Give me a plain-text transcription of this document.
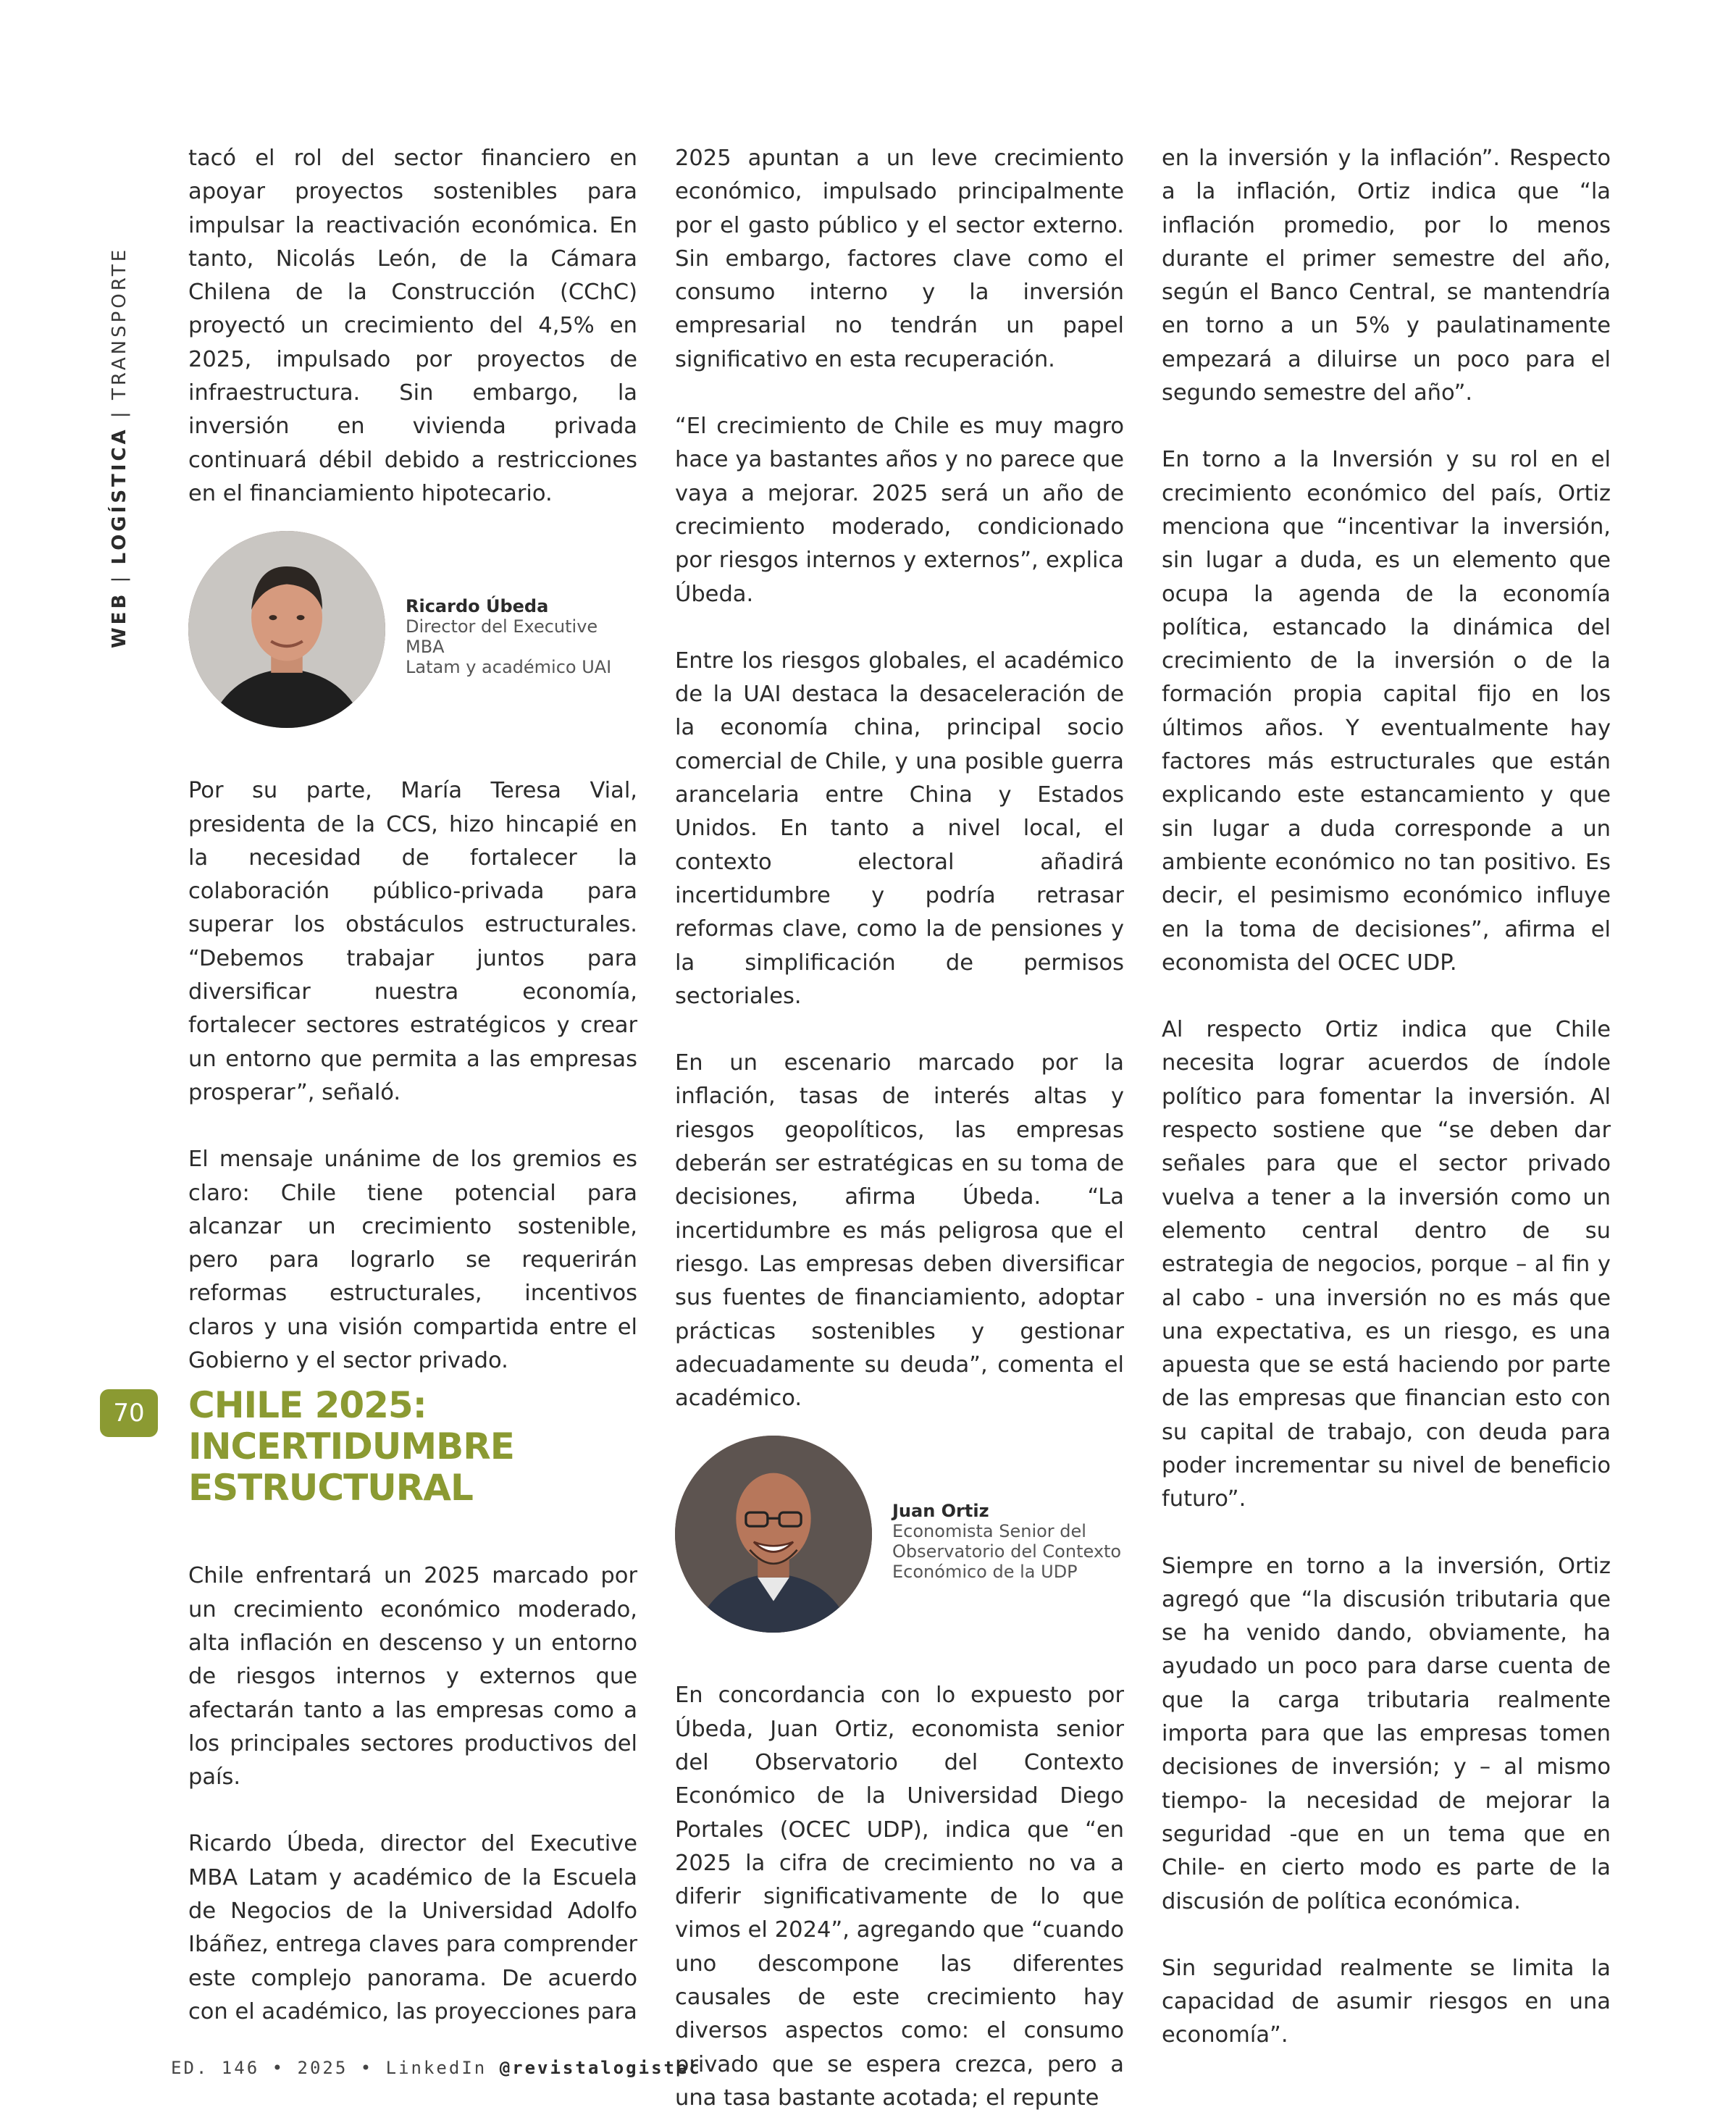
WEB | LOGÍSTICA | TRANSPORTE
70

tacó el rol del sector financiero en apoyar proyectos sostenibles para impulsar la reactivación económica. En tanto, Nicolás León, de la Cámara Chilena de la Construcción (CChC) proyectó un crecimiento del 4,5% en 2025, impulsado por proyectos de infraestructura. Sin embargo, la inversión en vivienda privada continuará débil debido a restricciones en el financiamiento hipotecario.

Ricardo Úbeda
Director del Executive MBA
Latam y académico UAI

Por su parte, María Teresa Vial, presidenta de la CCS, hizo hincapié en la necesidad de fortalecer la colaboración público-privada para superar los obstáculos estructurales. “Debemos trabajar juntos para diversificar nuestra economía, fortalecer sectores estratégicos y crear un entorno que permita a las empresas prosperar”, señaló.

El mensaje unánime de los gremios es claro: Chile tiene potencial para alcanzar un crecimiento sostenible, pero para lograrlo se requerirán reformas estructurales, incentivos claros y una visión compartida entre el Gobierno y el sector privado.

CHILE 2025:
INCERTIDUMBRE
ESTRUCTURAL

Chile enfrentará un 2025 marcado por un crecimiento económico moderado, alta inflación en descenso y un entorno de riesgos internos y externos que afectarán tanto a las empresas como a los principales sectores productivos del país.

Ricardo Úbeda, director del Executive MBA Latam y académico de la Escuela de Negocios de la Universidad Adolfo Ibáñez, entrega claves para comprender este complejo panorama. De acuerdo con el académico, las proyecciones para

2025 apuntan a un leve crecimiento económico, impulsado principalmente por el gasto público y el sector externo. Sin embargo, factores clave como el consumo interno y la inversión empresarial no tendrán un papel significativo en esta recuperación.

“El crecimiento de Chile es muy magro hace ya bastantes años y no parece que vaya a mejorar. 2025 será un año de crecimiento moderado, condicionado por riesgos internos y externos”, explica Úbeda.

Entre los riesgos globales, el académico de la UAI destaca la desaceleración de la economía china, principal socio comercial de Chile, y una posible guerra arancelaria entre China y Estados Unidos. En tanto a nivel local, el contexto electoral añadirá incertidumbre y podría retrasar reformas clave, como la de pensiones y la simplificación de permisos sectoriales.

En un escenario marcado por la inflación, tasas de interés altas y riesgos geopolíticos, las empresas deberán ser estratégicas en su toma de decisiones, afirma Úbeda. “La incertidumbre es más peligrosa que el riesgo. Las empresas deben diversificar sus fuentes de financiamiento, adoptar prácticas sostenibles y gestionar adecuadamente su deuda”, comenta el académico.

Juan Ortiz
Economista Senior del
Observatorio del Contexto
Económico de la UDP

En concordancia con lo expuesto por Úbeda, Juan Ortiz, economista senior del Observatorio del Contexto Económico de la Universidad Diego Portales (OCEC UDP), indica que “en 2025 la cifra de crecimiento no va a diferir significativamente de lo que vimos el 2024”, agregando que “cuando uno descompone las diferentes causales de este crecimiento hay diversos aspectos como: el consumo privado que se espera crezca, pero a una tasa bastante acotada; el repunte

en la inversión y la inflación”. Respecto a la inflación, Ortiz indica que “la inflación promedio, por lo menos durante el primer semestre del año, según el Banco Central, se mantendría en torno a un 5% y paulatinamente empezará a diluirse un poco para el segundo semestre del año”.

En torno a la Inversión y su rol en el crecimiento económico del país, Ortiz menciona que “incentivar la inversión, sin lugar a duda, es un elemento que ocupa la agenda de la economía política, estancado la dinámica del crecimiento de la inversión o de la formación propia capital fijo en los últimos años. Y eventualmente hay factores más estructurales que están explicando este estancamiento y que sin lugar a duda corresponde a un ambiente económico no tan positivo. Es decir, el pesimismo económico influye en la toma de decisiones”, afirma el economista del OCEC UDP.

Al respecto Ortiz indica que Chile necesita lograr acuerdos de índole político para fomentar la inversión. Al respecto sostiene que “se deben dar señales para que el sector privado vuelva a tener a la inversión como un elemento central dentro de su estrategia de negocios, porque – al fin y al cabo - una inversión no es más que una expectativa, es un riesgo, es una apuesta que se está haciendo por parte de las empresas que financian esto con su capital de trabajo, con deuda para poder incrementar su nivel de beneficio futuro”.

Siempre en torno a la inversión, Ortiz agregó que “la discusión tributaria que se ha venido dando, obviamente, ha ayudado un poco para darse cuenta de que la carga tributaria realmente importa para que las empresas tomen decisiones de inversión; y – al mismo tiempo- la necesidad de mejorar la seguridad -que en un tema que en Chile- en cierto modo es parte de la discusión de política económica.

Sin seguridad realmente se limita la capacidad de asumir riesgos en una economía”.

ED. 146 • 2025 • LinkedIn @revistalogistec
